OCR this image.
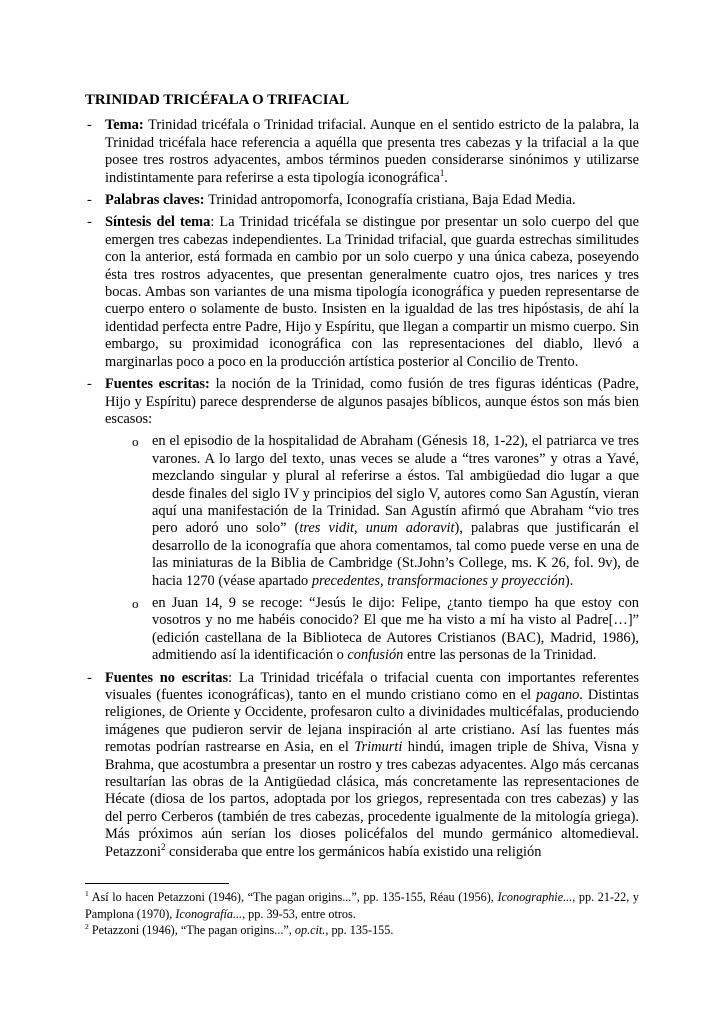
TRINIDAD TRICÉFALA O TRIFACIAL
- Tema: Trinidad tricéfala o Trinidad trifacial. Aunque en el sentido estricto de la palabra, la Trinidad tricéfala hace referencia a aquélla que presenta tres cabezas y la trifacial a la que posee tres rostros adyacentes, ambos términos pueden considerarse sinónimos y utilizarse indistintamente para referirse a esta tipología iconográfica$^1$.
- Palabras claves: Trinidad antropomorfa, Iconografía cristiana, Baja Edad Media.
- Síntesis del tema: La Trinidad tricéfala se distingue por presentar un solo cuerpo del que emergen tres cabezas independientes. La Trinidad trifacial, que guarda estrechas similitudes con la anterior, está formada en cambio por un solo cuerpo y una única cabeza, poseyendo ésta tres rostros adyacentes, que presentan generalmente cuatro ojos, tres narices y tres bocas. Ambas son variantes de una misma tipología iconográfica y pueden representarse de cuerpo entero o solamente de busto. Insisten en la igualdad de las tres hipóstasis, de ahí la identidad perfecta entre Padre, Hijo y Espíritu, que llegan a compartir un mismo cuerpo. Sin embargo, su proximidad iconográfica con las representaciones del diablo, llevó a marginarlas poco a poco en la producción artística posterior al Concilio de Trento.
- Fuentes escritas: la noción de la Trinidad, como fusión de tres figuras idénticas (Padre, Hijo y Espíritu) parece desprenderse de algunos pasajes bíblicos, aunque éstos son más bien escasos:
o en el episodio de la hospitalidad de Abraham (Génesis 18, 1-22), el patriarca ve tres varones. A lo largo del texto, unas veces se alude a “tres varones” y otras a Yavé, mezclando singular y plural al referirse a éstos. Tal ambigüedad dio lugar a que desde finales del siglo IV y principios del siglo V, autores como San Agustín, vieran aquí una manifestación de la Trinidad. San Agustín afirmó que Abraham “vio tres pero adoró uno solo” (tres vidit, unum adoravit), palabras que justificarán el desarrollo de la iconografía que ahora comentamos, tal como puede verse en una de las miniaturas de la Biblia de Cambridge (St.John’s College, ms. K 26, fol. 9v), de hacia 1270 (véase apartado precedentes, transformaciones y proyección).
o en Juan 14, 9 se recoge: “Jesús le dijo: Felipe, ¿tanto tiempo ha que estoy con vosotros y no me habéis conocido? El que me ha visto a mí ha visto al Padre[…]” (edición castellana de la Biblioteca de Autores Cristianos (BAC), Madrid, 1986), admitiendo así la identificación o confusión entre las personas de la Trinidad.
- Fuentes no escritas: La Trinidad tricéfala o trifacial cuenta con importantes referentes visuales (fuentes iconográficas), tanto en el mundo cristiano como en el pagano. Distintas religiones, de Oriente y Occidente, profesaron culto a divinidades multicéfalas, produciendo imágenes que pudieron servir de lejana inspiración al arte cristiano. Así las fuentes más remotas podrían rastrearse en Asia, en el Trimurti hindú, imagen triple de Shiva, Visna y Brahma, que acostumbra a presentar un rostro y tres cabezas adyacentes. Algo más cercanas resultarían las obras de la Antigüedad clásica, más concretamente las representaciones de Hécate (diosa de los partos, adoptada por los griegos, representada con tres cabezas) y las del perro Cerberos (también de tres cabezas, procedente igualmente de la mitología griega). Más próximos aún serían los dioses policéfalos del mundo germánico altomedieval. Petazzoni$^2$ consideraba que entre los germánicos había existido una religión
$^1$ Así lo hacen Petazzoni (1946), “The pagan origins...”, pp. 135-155, Réau (1956), Iconographie..., pp. 21-22, y Pamplona (1970), Iconografía..., pp. 39-53, entre otros.
$^2$ Petazzoni (1946), “The pagan origins...”, op.cit., pp. 135-155.
